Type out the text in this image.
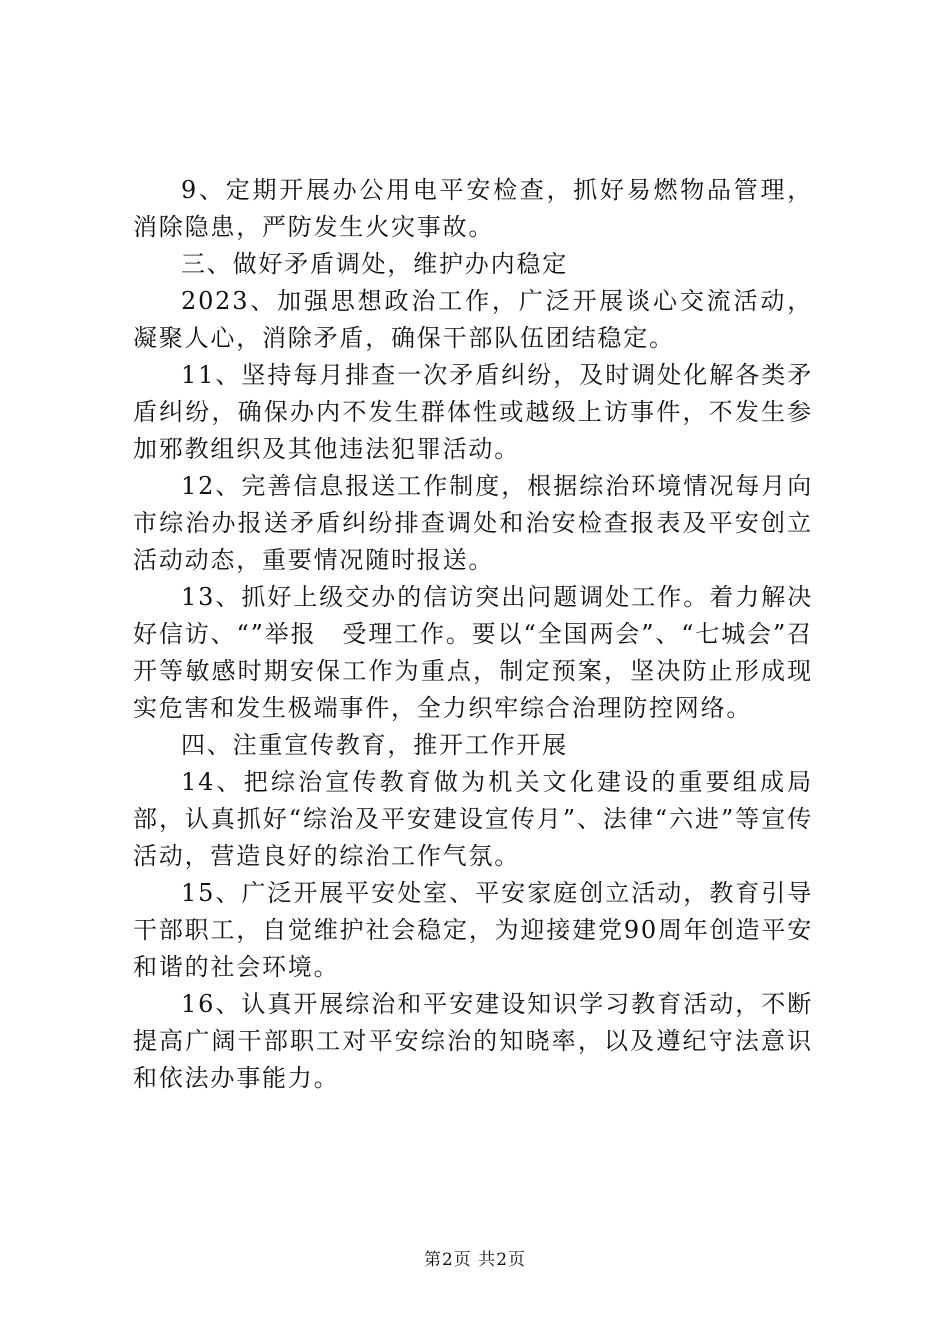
9、定期开展办公用电平安检查，抓好易燃物品管理，消除隐患，严防发生火灾事故。

三、做好矛盾调处，维护办内稳定

2023、加强思想政治工作，广泛开展谈心交流活动，凝聚人心，消除矛盾，确保干部队伍团结稳定。

11、坚持每月排查一次矛盾纠纷，及时调处化解各类矛盾纠纷，确保办内不发生群体性或越级上访事件，不发生参加邪教组织及其他违法犯罪活动。

12、完善信息报送工作制度，根据综治环境情况每月向市综治办报送矛盾纠纷排查调处和治安检查报表及平安创立活动动态，重要情况随时报送。

13、抓好上级交办的信访突出问题调处工作。着力解决好信访、“”举报　受理工作。要以“全国两会”、“七城会”召开等敏感时期安保工作为重点，制定预案，坚决防止形成现实危害和发生极端事件，全力织牢综合治理防控网络。

四、注重宣传教育，推开工作开展

14、把综治宣传教育做为机关文化建设的重要组成局部，认真抓好“综治及平安建设宣传月”、法律“六进”等宣传活动，营造良好的综治工作气氛。

15、广泛开展平安处室、平安家庭创立活动，教育引导干部职工，自觉维护社会稳定，为迎接建党90周年创造平安和谐的社会环境。

16、认真开展综治和平安建设知识学习教育活动，不断提高广阔干部职工对平安综治的知晓率，以及遵纪守法意识和依法办事能力。

第2页 共2页
